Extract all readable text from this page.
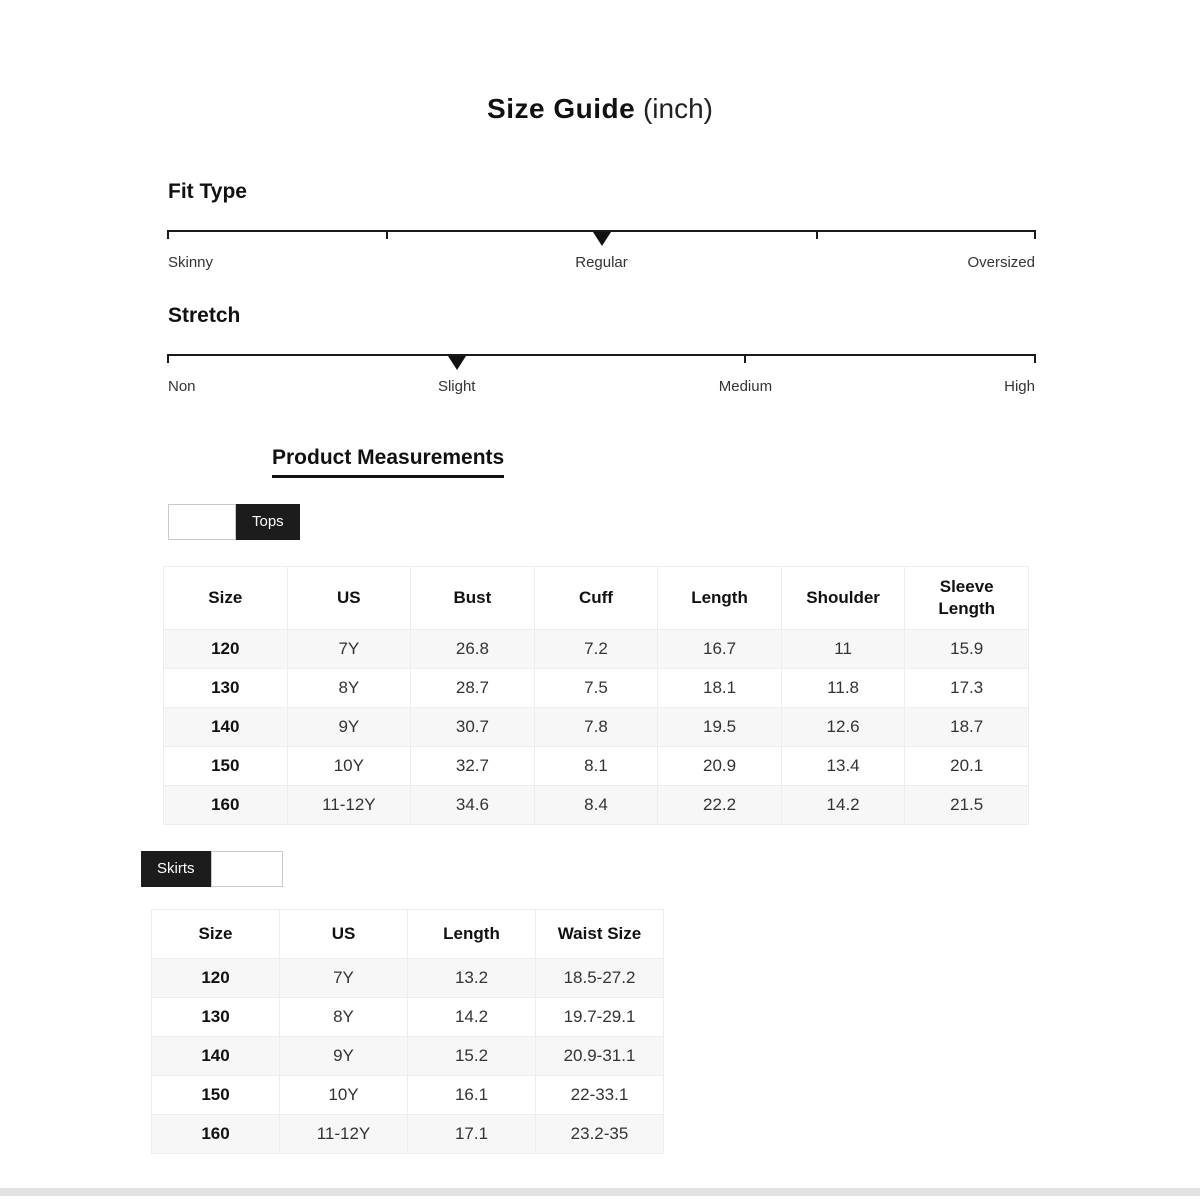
Size Guide (inch)
Fit Type
Skinny	Regular	Oversized
Stretch
Non	Slight	Medium	High
Product Measurements
Tops
Size	US	Bust	Cuff	Length	Shoulder	Sleeve Length
120	7Y	26.8	7.2	16.7	11	15.9
130	8Y	28.7	7.5	18.1	11.8	17.3
140	9Y	30.7	7.8	19.5	12.6	18.7
150	10Y	32.7	8.1	20.9	13.4	20.1
160	11-12Y	34.6	8.4	22.2	14.2	21.5
Skirts
Size	US	Length	Waist Size
120	7Y	13.2	18.5-27.2
130	8Y	14.2	19.7-29.1
140	9Y	15.2	20.9-31.1
150	10Y	16.1	22-33.1
160	11-12Y	17.1	23.2-35
